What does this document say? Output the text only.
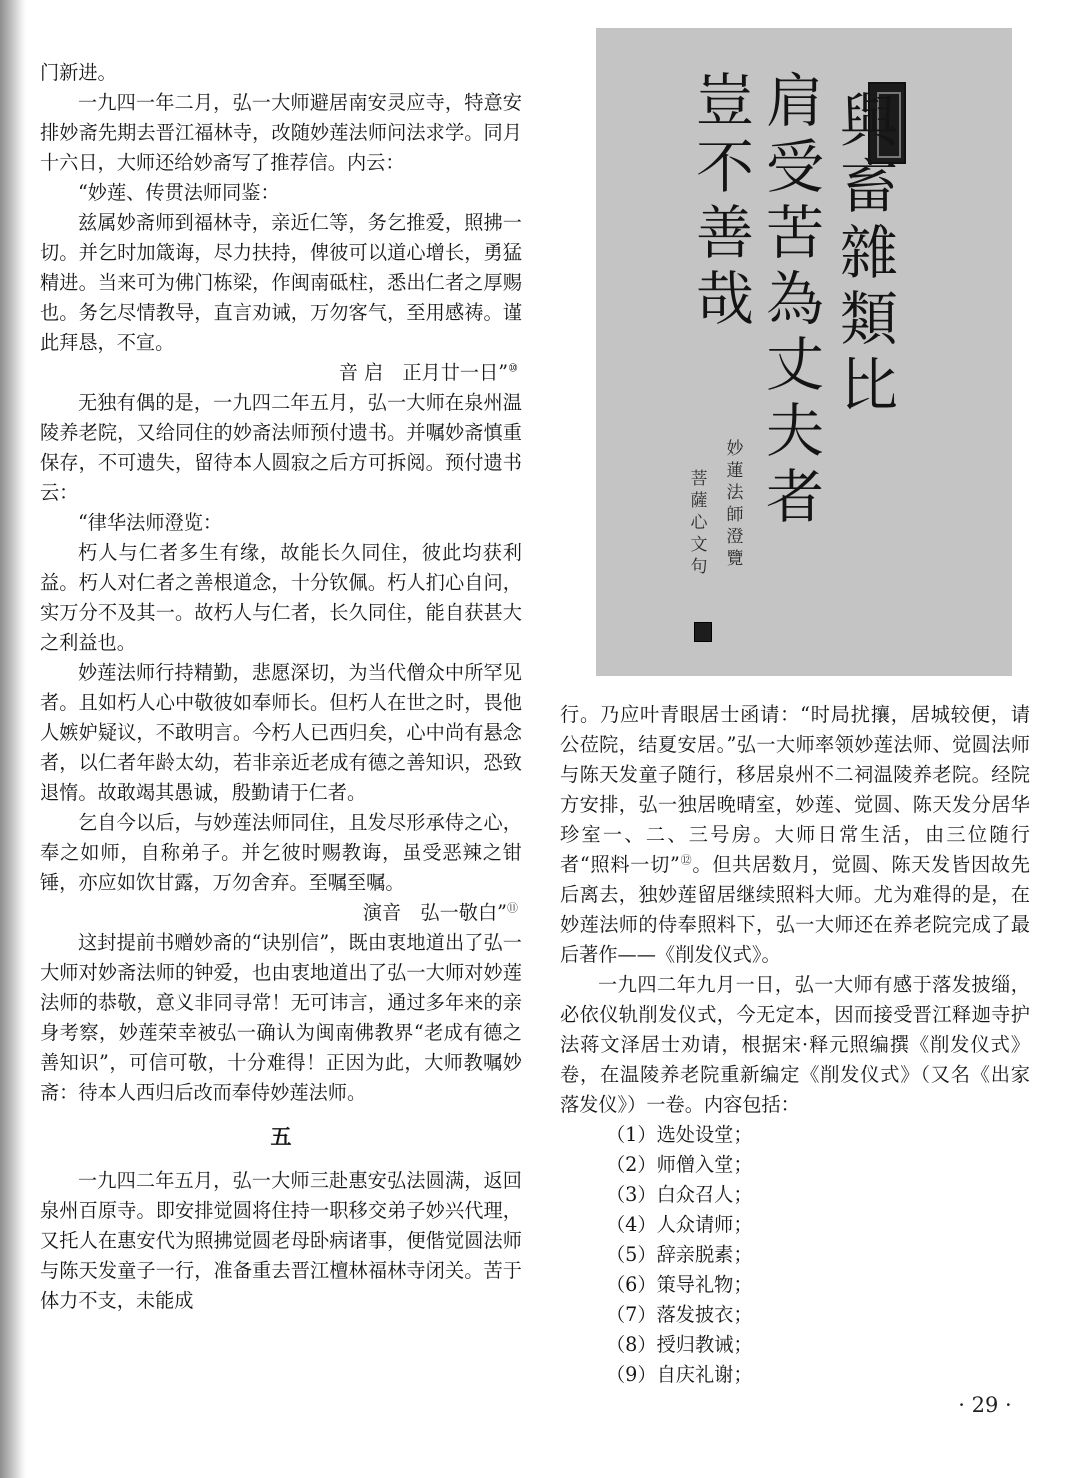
门新进。

一九四一年二月，弘一大师避居南安灵应寺，特意安排妙斋先期去晋江福林寺，改随妙莲法师问法求学。同月十六日，大师还给妙斋写了推荐信。内云：

“妙莲、传贯法师同鉴：

兹属妙斋师到福林寺，亲近仁等，务乞推爱，照拂一切。并乞时加箴诲，尽力扶持，俾彼可以道心增长，勇猛精进。当来可为佛门栋梁，作闽南砥柱，悉出仁者之厚赐也。务乞尽情教导，直言劝诫，万勿客气，至用感祷。谨此拜恳，不宣。

音 启　正月廿一日”⑩

无独有偶的是，一九四二年五月，弘一大师在泉州温陵养老院，又给同住的妙斋法师预付遗书。并嘱妙斋慎重保存，不可遗失，留待本人圆寂之后方可拆阅。预付遗书云：

“律华法师澄览：

朽人与仁者多生有缘，故能长久同住，彼此均获利益。朽人对仁者之善根道念，十分钦佩。朽人扪心自问，实万分不及其一。故朽人与仁者，长久同住，能自获甚大之利益也。

妙莲法师行持精勤，悲愿深切，为当代僧众中所罕见者。且如朽人心中敬彼如奉师长。但朽人在世之时，畏他人嫉妒疑议，不敢明言。今朽人已西归矣，心中尚有悬念者，以仁者年龄太幼，若非亲近老成有德之善知识，恐致退惰。故敢竭其愚诚，殷勤请于仁者。

乞自今以后，与妙莲法师同住，且发尽形承侍之心，奉之如师，自称弟子。并乞彼时赐教诲，虽受恶辣之钳锤，亦应如饮甘露，万勿舍弃。至嘱至嘱。

演音　弘一敬白”⑪

这封提前书赠妙斋的“诀别信”，既由衷地道出了弘一大师对妙斋法师的钟爱，也由衷地道出了弘一大师对妙莲法师的恭敬，意义非同寻常！无可讳言，通过多年来的亲身考察，妙莲荣幸被弘一确认为闽南佛教界“老成有德之善知识”，可信可敬，十分难得！正因为此，大师教嘱妙斋：待本人西归后改而奉侍妙莲法师。

五

一九四二年五月，弘一大师三赴惠安弘法圆满，返回泉州百原寺。即安排觉圆将住持一职移交弟子妙兴代理，又托人在惠安代为照拂觉圆老母卧病诸事，便偕觉圆法师与陈天发童子一行，准备重去晋江檀林福林寺闭关。苦于体力不支，未能成

與畜雜類比
肩受苦為丈夫者
豈不善哉
妙蓮法師澄覽
菩薩心文句

行。乃应叶青眼居士函请：“时局扰攘，居城较便，请公莅院，结夏安居。”弘一大师率领妙莲法师、觉圆法师与陈天发童子随行，移居泉州不二祠温陵养老院。经院方安排，弘一独居晚晴室，妙莲、觉圆、陈天发分居华珍室一、二、三号房。大师日常生活，由三位随行者“照料一切”⑫。但共居数月，觉圆、陈天发皆因故先后离去，独妙莲留居继续照料大师。尤为难得的是，在妙莲法师的侍奉照料下，弘一大师还在养老院完成了最后著作——《削发仪式》。

一九四二年九月一日，弘一大师有感于落发披缁，必依仪轨削发仪式，今无定本，因而接受晋江释迦寺护法蒋文泽居士劝请，根据宋·释元照编撰《削发仪式》卷，在温陵养老院重新编定《削发仪式》（又名《出家落发仪》）一卷。内容包括：

（1）选处设堂；

（2）师僧入堂；

（3）白众召人；

（4）人众请师；

（5）辞亲脱素；

（6）策导礼物；

（7）落发披衣；

（8）授归教诫；

（9）自庆礼谢；

· 29 ·
